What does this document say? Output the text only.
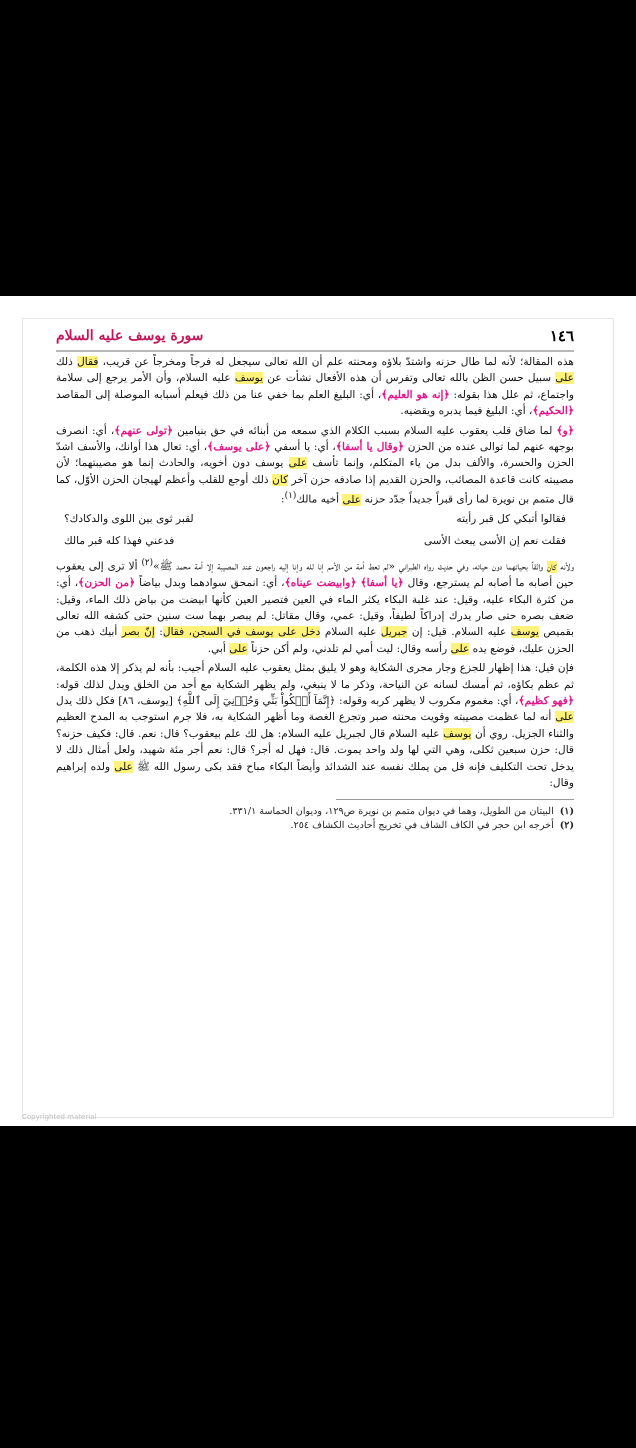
١٤٦
سورة يوسف عليه السلام

هذه المقالة؛ لأنه لما طال حزنه واشتدّ بلاؤه ومحنته علم أن الله تعالى سيجعل له فرجاً ومخرجاً عن قريب، فقال ذلك على سبيل حسن الظن بالله تعالى وتفرس أن هذه الأفعال نشأت عن يوسف عليه السلام، وأن الأمر يرجع إلى سلامة واجتماع، ثم علل هذا بقوله: ﴿إنه هو العليم﴾، أي: البليغ العلم بما خفي عنا من ذلك فيعلم أسبابه الموصلة إلى المقاصد ﴿الحكيم﴾، أي: البليغ فيما يدبره ويقضيه.

﴿و﴾ لما ضاق قلب يعقوب عليه السلام بسبب الكلام الذي سمعه من أبنائه في حق بنيامين ﴿تولى عنهم﴾، أي: انصرف بوجهه عنهم لما توالى عنده من الحزن ﴿وقال يا أسفا﴾، أي: يا أسفي ﴿على يوسف﴾، أي: تعال هذا أوانك، والأسف اشدّ الحزن والحسرة، والألف بدل من ياء المتكلم، وإنما تأسف على يوسف دون أخويه، والحادث إنما هو مصيبتهما؛ لأن مصيبته كانت قاعدة المصائب، والحزن القديم إذا صادفه حزن آخر كان ذلك أوجع للقلب وأعظم لهيجان الحزن الأوّل، كما قال متمم بن نويرة لما رأى قبراً جديداً جدّد حزنه على أخيه مالك$^{(١)}$:

فقالوا أتبكي كل قبر رأيته
لقبر ثوى بين اللوى والدكادك؟
فقلت نعم إن الأسى يبعث الأسى
فدعني فهذا كله قبر مالك

ولأنه كان واثقاً بحياتهما دون حياته، وفي حديث رواه الطبراني «لم تعط أمة من الأمم إنا لله وإنا إليه راجعون عند المصيبة إلا أمة محمد ﷺ»$^{(٢)}$ ألا ترى إلى يعقوب حين أصابه ما أصابه لم يسترجع، وقال ﴿يا أسفا﴾ ﴿وابيضت عيناه﴾، أي: انمحق سوادهما وبدل بياضاً ﴿من الحزن﴾، أي: من كثرة البكاء عليه، وقيل: عند غلبة البكاء يكثر الماء في العين فتصير العين كأنها ابيضت من بياض ذلك الماء، وقيل: ضعف بصره حتى صار يدرك إدراكاً لطيفاً، وقيل: عمي، وقال مقاتل: لم يبصر بهما ست سنين حتى كشفه الله تعالى بقميص يوسف عليه السلام. قيل: إن جبريل عليه السلام دخل على يوسف في السجن، فقال: إنّ بصر أبيك ذهب من الحزن عليك، فوضع يده على رأسه وقال: ليت أمي لم تلدني، ولم أكن حزناً على أبي.

فإن قيل: هذا إظهار للجزع وجار مجرى الشكاية وهو لا يليق بمثل يعقوب عليه السلام أجيب: بأنه لم يذكر إلا هذه الكلمة، ثم عظم بكاؤه، ثم أمسك لسانه عن النياحة، وذكر ما لا ينبغي، ولم يظهر الشكاية مع أحد من الخلق ويدل لذلك قوله: ﴿فهو كظيم﴾، أي: مغموم مكروب لا يظهر كربه وقوله: ﴿إِنَّمَآ أَشۡكُواْ بَثِّي وَحُزۡنِيٓ إِلَى ٱللَّهِ﴾ [يوسف، ٨٦] فكل ذلك يدل على أنه لما عظمت مصيبته وقويت محنته صبر وتجرع الغصة وما أظهر الشكاية به، فلا جرم استوجب به المدح العظيم والثناء الجزيل. روي أن يوسف عليه السلام قال لجبريل عليه السلام: هل لك علم بيعقوب؟ قال: نعم. قال: فكيف حزنه؟ قال: حزن سبعين ثكلى، وهي التي لها ولد واحد يموت. قال: فهل له أجر؟ قال: نعم أجر مئة شهيد، ولعل أمثال ذلك لا يدخل تحت التكليف فإنه قل من يملك نفسه عند الشدائد وأيضاً البكاء مباح فقد بكى رسول الله ﷺ على ولده إبراهيم وقال:

(١)البيتان من الطويل، وهما في ديوان متمم بن نويرة ص١٢٩، وديوان الحماسة ٣٣١/١.
(٢)أخرجه ابن حجر في الكاف الشاف في تخريج أحاديث الكشاف ٢٥٤.
Copyrighted material
